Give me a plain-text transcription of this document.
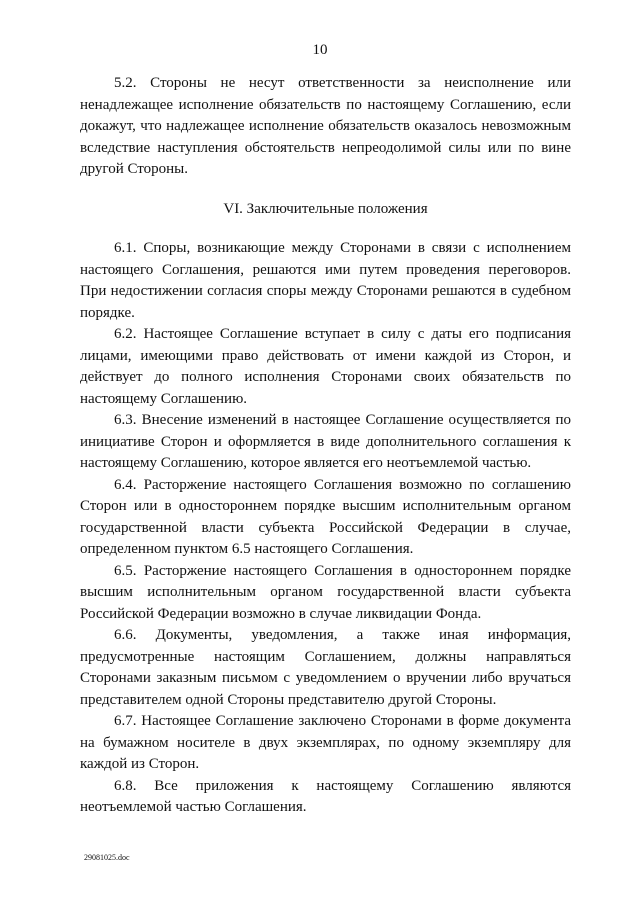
10

5.2. Стороны не несут ответственности за неисполнение или ненадлежащее исполнение обязательств по настоящему Соглашению, если докажут, что надлежащее исполнение обязательств оказалось невозможным вследствие наступления обстоятельств непреодолимой силы или по вине другой Стороны.

VI. Заключительные положения

6.1. Споры, возникающие между Сторонами в связи с исполнением настоящего Соглашения, решаются ими путем проведения переговоров. При недостижении согласия споры между Сторонами решаются в судебном порядке.

6.2. Настоящее Соглашение вступает в силу с даты его подписания лицами, имеющими право действовать от имени каждой из Сторон, и действует до полного исполнения Сторонами своих обязательств по настоящему Соглашению.

6.3. Внесение изменений в настоящее Соглашение осуществляется по инициативе Сторон и оформляется в виде дополнительного соглашения к настоящему Соглашению, которое является его неотъемлемой частью.

6.4. Расторжение настоящего Соглашения возможно по соглашению Сторон или в одностороннем порядке высшим исполнительным органом государственной власти субъекта Российской Федерации в случае, определенном пунктом 6.5 настоящего Соглашения.

6.5. Расторжение настоящего Соглашения в одностороннем порядке высшим исполнительным органом государственной власти субъекта Российской Федерации возможно в случае ликвидации Фонда.

6.6. Документы, уведомления, а также иная информация, предусмотренные настоящим Соглашением, должны направляться Сторонами заказным письмом с уведомлением о вручении либо вручаться представителем одной Стороны представителю другой Стороны.

6.7. Настоящее Соглашение заключено Сторонами в форме документа на бумажном носителе в двух экземплярах, по одному экземпляру для каждой из Сторон.

6.8. Все приложения к настоящему Соглашению являются неотъемлемой частью Соглашения.

29081025.doc
